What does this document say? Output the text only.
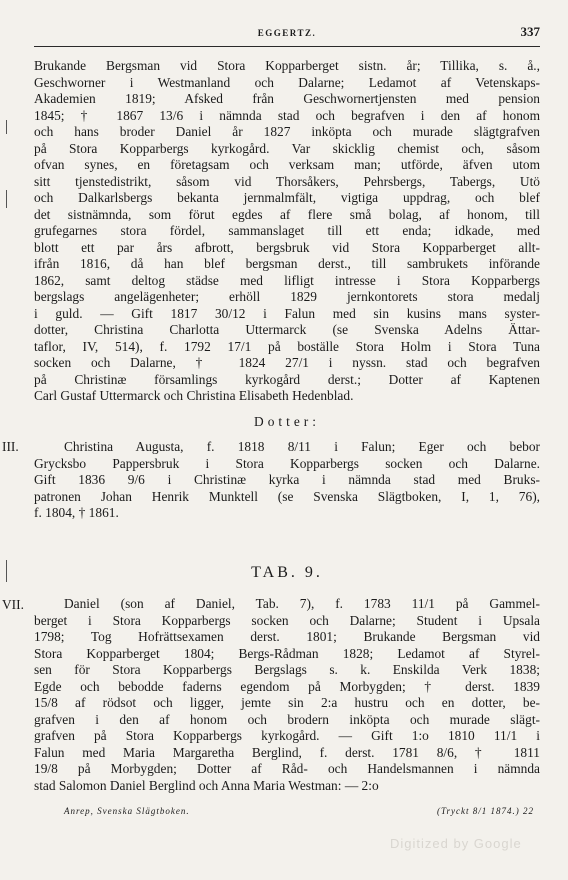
EGGERTZ.	337
Brukande Bergsman vid Stora Kopparberget sistn. år; Tillika, s. å.,
Geschworner i Westmanland och Dalarne; Ledamot af Vetenskaps-
Akademien 1819; Afsked från Geschwornertjensten med pension
1845; † 1867 13/6 i nämnda stad och begrafven i den af honom
och hans broder Daniel år 1827 inköpta och murade slägtgrafven
på Stora Kopparbergs kyrkogård. Var skicklig chemist och, såsom
ofvan synes, en företagsam och verksam man; utförde, äfven utom
sitt tjenstedistrikt, såsom vid Thorsåkers, Pehrsbergs, Tabergs, Utö
och Dalkarlsbergs bekanta jernmalmfält, vigtiga uppdrag, och blef
det sistnämnda, som förut egdes af flere små bolag, af honom, till
grufegarnes stora fördel, sammanslaget till ett enda; idkade, med
blott ett par års afbrott, bergsbruk vid Stora Kopparberget allt-
ifrån 1816, då han blef bergsman derst., till sambrukets införande
1862, samt deltog städse med lifligt intresse i Stora Kopparbergs
bergslags angelägenheter; erhöll 1829 jernkontorets stora medalj
i guld. — Gift 1817 30/12 i Falun med sin kusins mans syster-
dotter, Christina Charlotta Uttermarck (se Svenska Adelns Ättar-
taflor, IV, 514), f. 1792 17/1 på boställe Stora Holm i Stora Tuna
socken och Dalarne, † 1824 27/1 i nyssn. stad och begrafven
på Christinæ församlings kyrkogård derst.; Dotter af Kaptenen
Carl Gustaf Uttermarck och Christina Elisabeth Hedenblad.
Dotter:
III.	Christina Augusta, f. 1818 8/11 i Falun; Eger och bebor
Grycksbo Pappersbruk i Stora Kopparbergs socken och Dalarne.
Gift 1836 9/6 i Christinæ kyrka i nämnda stad med Bruks-
patronen Johan Henrik Munktell (se Svenska Slägtboken, I, 1, 76),
f. 1804, † 1861.
TAB. 9.
VII.	Daniel (son af Daniel, Tab. 7), f. 1783 11/1 på Gammel-
berget i Stora Kopparbergs socken och Dalarne; Student i Upsala
1798; Tog Hofrättsexamen derst. 1801; Brukande Bergsman vid
Stora Kopparberget 1804; Bergs-Rådman 1828; Ledamot af Styrel-
sen för Stora Kopparbergs Bergslags s. k. Enskilda Verk 1838;
Egde och bebodde faderns egendom på Morbygden; † derst. 1839
15/8 af rödsot och ligger, jemte sin 2:a hustru och en dotter, be-
grafven i den af honom och brodern inköpta och murade slägt-
grafven på Stora Kopparbergs kyrkogård. — Gift 1:o 1810 11/1 i
Falun med Maria Margaretha Berglind, f. derst. 1781 8/6, † 1811
19/8 på Morbygden; Dotter af Råd- och Handelsmannen i nämnda
stad Salomon Daniel Berglind och Anna Maria Westman: — 2:o
Anrep, Svenska Slägtboken.	(Tryckt 8/1 1874.) 22
Digitized by Google
